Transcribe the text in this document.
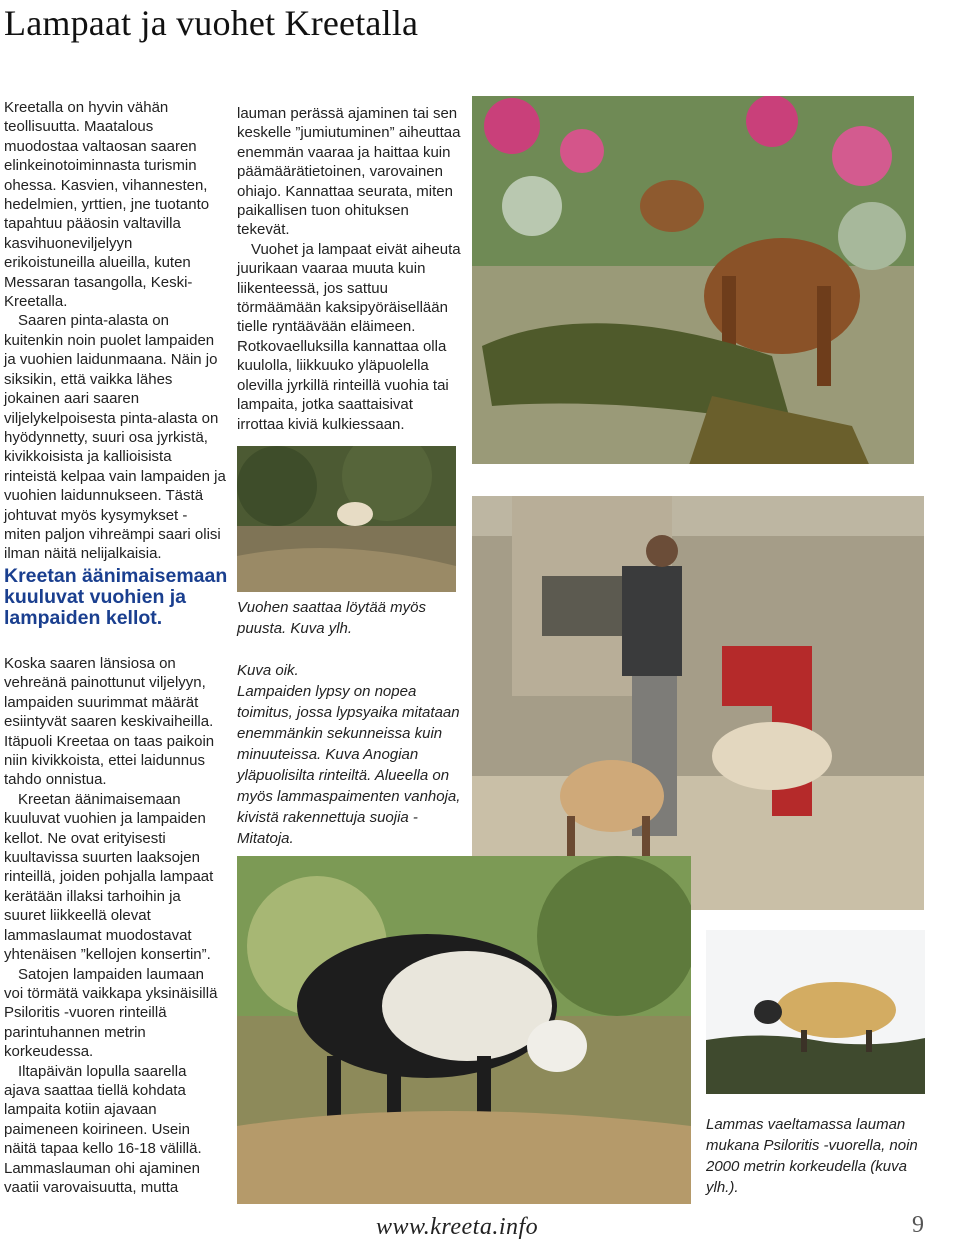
Lampaat ja vuohet Kreetalla

Kreetalla on hyvin vähän teollisuutta. Maatalous muodostaa valtaosan saaren elinkeinotoiminnasta turismin ohessa. Kasvien, vihannesten, hedelmien, yrttien, jne tuotanto tapahtuu pääosin valtavilla kasvihuoneviljelyyn erikoistuneilla alueilla, kuten Messaran tasangolla, Keski-Kreetalla.

Saaren pinta-alasta on kuitenkin noin puolet lampaiden ja vuohien laidunmaana. Näin jo siksikin, että vaikka lähes jokainen aari saaren viljelykelpoisesta pinta-alasta on hyödynnetty, suuri osa jyrkistä, kivikkoisista ja kallioisista rinteistä kelpaa vain lampaiden ja vuohien laidunnukseen. Tästä johtuvat myös kysymykset - miten paljon vihreämpi saari olisi ilman näitä nelijalkaisia.

Kreetan äänimaisemaan kuuluvat vuohien ja lampaiden kellot.

Koska saaren länsiosa on vehreänä painottunut viljelyyn, lampaiden suurimmat määrät esiintyvät saaren keskivaiheilla. Itäpuoli Kreetaa on taas paikoin niin kivikkoista, ettei laidunnus tahdo onnistua.

Kreetan äänimaisemaan kuuluvat vuohien ja lampaiden kellot. Ne ovat erityisesti kuultavissa suurten laaksojen rinteillä, joiden pohjalla lampaat kerätään illaksi tarhoihin ja suuret liikkeellä olevat lammaslaumat muodostavat yhtenäisen ”kellojen konsertin”.

Satojen lampaiden laumaan voi törmätä vaikkapa yksinäisillä Psiloritis -vuoren rinteillä parintuhannen metrin korkeudessa.

Iltapäivän lopulla saarella ajava saattaa tiellä kohdata lampaita kotiin ajavaan paimeneen koirineen. Usein näitä tapaa kello 16-18 välillä. Lammaslauman ohi ajaminen vaatii varovaisuutta, mutta

lauman perässä ajaminen tai sen keskelle ”jumiutuminen” aiheuttaa enemmän vaaraa ja haittaa kuin päämäärätietoinen, varovainen ohiajo. Kannattaa seurata, miten paikallisen tuon ohituksen tekevät.

Vuohet ja lampaat eivät aiheuta juurikaan vaaraa muuta kuin liikenteessä, jos sattuu törmäämään kaksipyöräisellään tielle ryntäävään eläimeen. Rotkovaelluksilla kannattaa olla kuulolla, liikkuuko yläpuolella olevilla jyrkillä rinteillä vuohia tai lampaita, jotka saattaisivat irrottaa kiviä kulkiessaan.

Vuohen saattaa löytää myös puusta. Kuva ylh.

Kuva oik.
Lampaiden lypsy on nopea toimitus, jossa lypsyaika mitataan enemmänkin sekunneissa kuin minuuteissa. Kuva Anogian yläpuolisilta rinteiltä. Alueella on myös lammaspaimenten vanhoja, kivistä rakennettuja suojia -Mitatoja.

Lammas vaeltamassa lauman mukana Psiloritis -vuorella, noin 2000 metrin korkeudella (kuva ylh.).

www.kreeta.info	9
